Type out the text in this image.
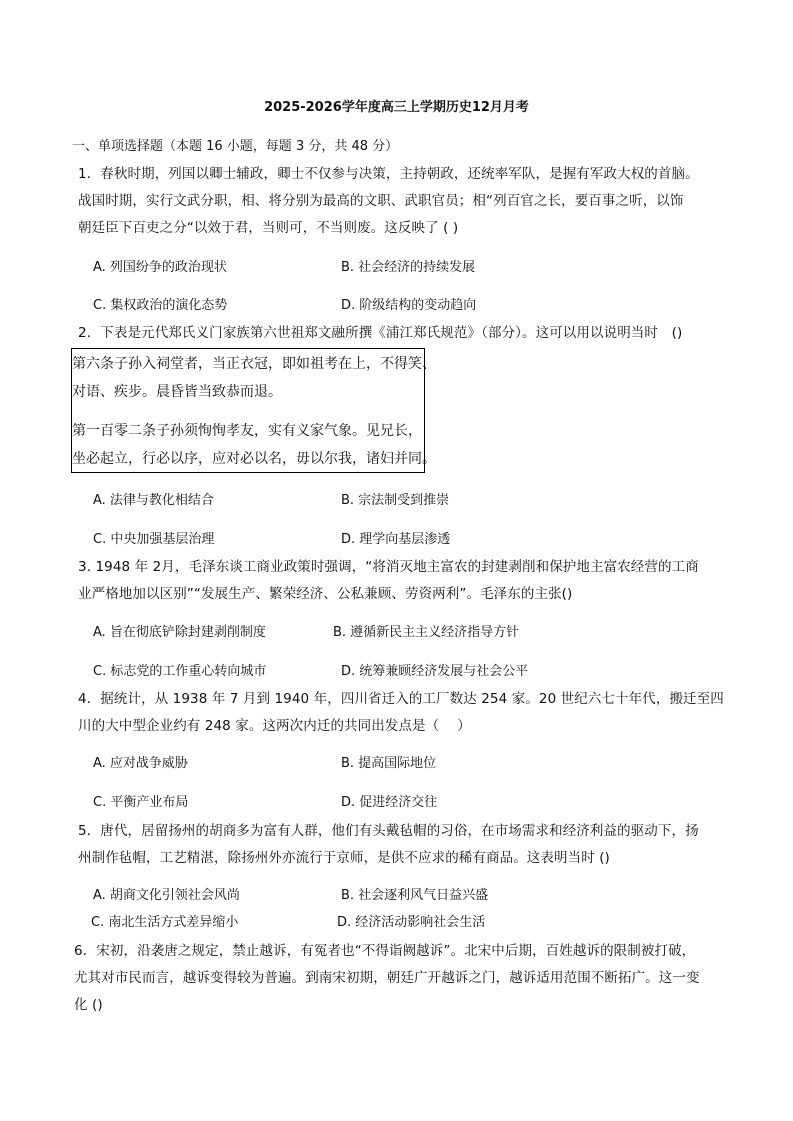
2025-2026学年度高三上学期历史12月月考
一、单项选择题（本题 16 小题，每题 3 分，共 48 分）
1．春秋时期，列国以卿士辅政，卿士不仅参与决策，主持朝政，还统率军队，是握有军政大权的首脑。
战国时期，实行文武分职，相、将分别为最高的文职、武职官员；相“列百官之长，要百事之听，以饰
朝廷臣下百吏之分“以效于君，当则可，不当则废。这反映了 ( )
A. 列国纷争的政治现状	B. 社会经济的持续发展
C. 集权政治的演化态势	D. 阶级结构的变动趋向
2．下表是元代郑氏义门家族第六世祖郑文融所撰《浦江郑氏规范》（部分）。这可以用以说明当时　()
第六条子孙入祠堂者，当正衣冠，即如祖考在上，不得笑、
对语、疾步。晨昏皆当致恭而退。
第一百零二条子孙须恂恂孝友，实有义家气象。见兄长，
坐必起立，行必以序，应对必以名，毋以尔我，诸妇并同。
A. 法律与教化相结合	B. 宗法制受到推崇
C. 中央加强基层治理	D. 理学向基层渗透
3. 1948 年 2月，毛泽东谈工商业政策时强调，“将消灭地主富农的封建剥削和保护地主富农经营的工商
业严格地加以区别”“发展生产、繁荣经济、公私兼顾、劳资两利”。毛泽东的主张()
A. 旨在彻底铲除封建剥削制度	B. 遵循新民主主义经济指导方针
C. 标志党的工作重心转向城市	D. 统筹兼顾经济发展与社会公平
4．据统计，从 1938 年 7 月到 1940 年，四川省迁入的工厂数达 254 家。20 世纪六七十年代，搬迁至四
川的大中型企业约有 248 家。这两次内迁的共同出发点是（　 ）
A. 应对战争威胁	B. 提高国际地位
C. 平衡产业布局	D. 促进经济交往
5．唐代，居留扬州的胡商多为富有人群，他们有头戴毡帽的习俗，在市场需求和经济利益的驱动下，扬
州制作毡帽，工艺精湛，除扬州外亦流行于京师，是供不应求的稀有商品。这表明当时 ()
A. 胡商文化引领社会风尚	B. 社会逐利风气日益兴盛
C. 南北生活方式差异缩小	D. 经济活动影响社会生活
6．宋初，沿袭唐之规定，禁止越诉，有冤者也“不得诣阙越诉”。北宋中后期，百姓越诉的限制被打破，
尤其对市民而言，越诉变得较为普遍。到南宋初期，朝廷广开越诉之门，越诉适用范围不断拓广。这一变
化 ()
